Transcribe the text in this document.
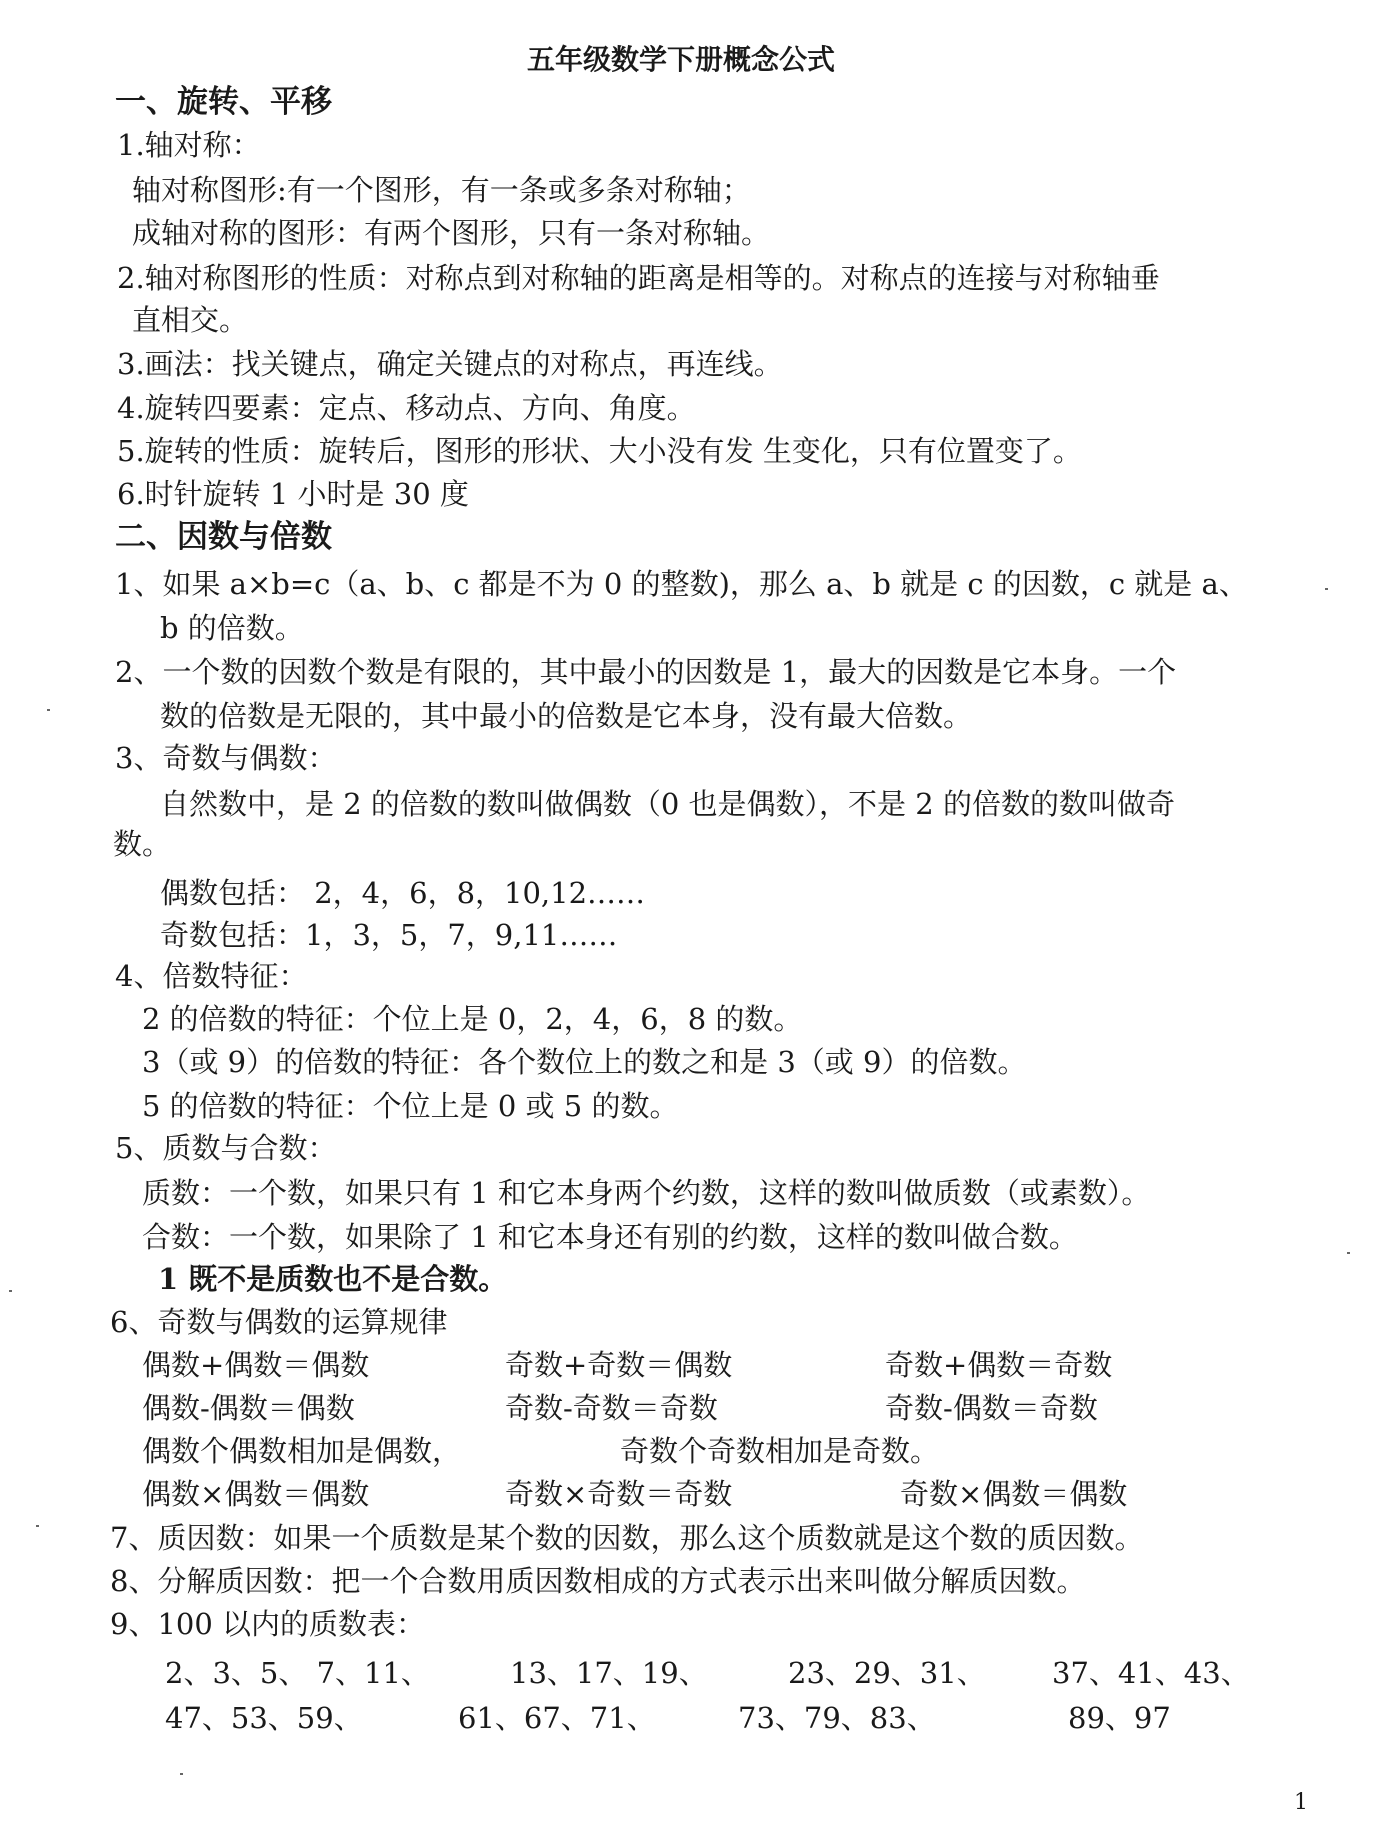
五年级数学下册概念公式
一、旋转、平移
1.轴对称：
轴对称图形:有一个图形，有一条或多条对称轴；
成轴对称的图形：有两个图形，只有一条对称轴。
2.轴对称图形的性质：对称点到对称轴的距离是相等的。对称点的连接与对称轴垂
直相交。
3.画法：找关键点，确定关键点的对称点，再连线。
4.旋转四要素：定点、移动点、方向、角度。
5.旋转的性质：旋转后，图形的形状、大小没有发 生变化，只有位置变了。
6.时针旋转 1 小时是 30 度
二、因数与倍数
1、如果 a×b=c（a、b、c 都是不为 0 的整数)，那么 a、b 就是 c 的因数，c 就是 a、
b 的倍数。
2、一个数的因数个数是有限的，其中最小的因数是 1，最大的因数是它本身。一个
数的倍数是无限的，其中最小的倍数是它本身，没有最大倍数。
3、奇数与偶数：
自然数中，是 2 的倍数的数叫做偶数（0 也是偶数），不是 2 的倍数的数叫做奇
数。
偶数包括： 2，4，6，8，10,12……
奇数包括：1，3，5，7，9,11……
4、倍数特征：
2 的倍数的特征：个位上是 0，2，4，6，8 的数。
3（或 9）的倍数的特征：各个数位上的数之和是 3（或 9）的倍数。
5 的倍数的特征：个位上是 0 或 5 的数。
5、质数与合数：
质数：一个数，如果只有 1 和它本身两个约数，这样的数叫做质数（或素数）。
合数：一个数，如果除了 1 和它本身还有别的约数，这样的数叫做合数。
1 既不是质数也不是合数。
6、奇数与偶数的运算规律
偶数+偶数＝偶数	奇数+奇数＝偶数	奇数+偶数＝奇数
偶数-偶数＝偶数	奇数-奇数＝奇数	奇数-偶数＝奇数
偶数个偶数相加是偶数，	奇数个奇数相加是奇数。
偶数×偶数＝偶数	奇数×奇数＝奇数	奇数×偶数＝偶数
7、质因数：如果一个质数是某个数的因数，那么这个质数就是这个数的质因数。
8、分解质因数：把一个合数用质因数相成的方式表示出来叫做分解质因数。
9、100 以内的质数表：
2、3、5、 7、11、	13、17、19、	23、29、31、 37、41、43、
47、53、59、	61、67、71、	73、79、83、	89、97
1
